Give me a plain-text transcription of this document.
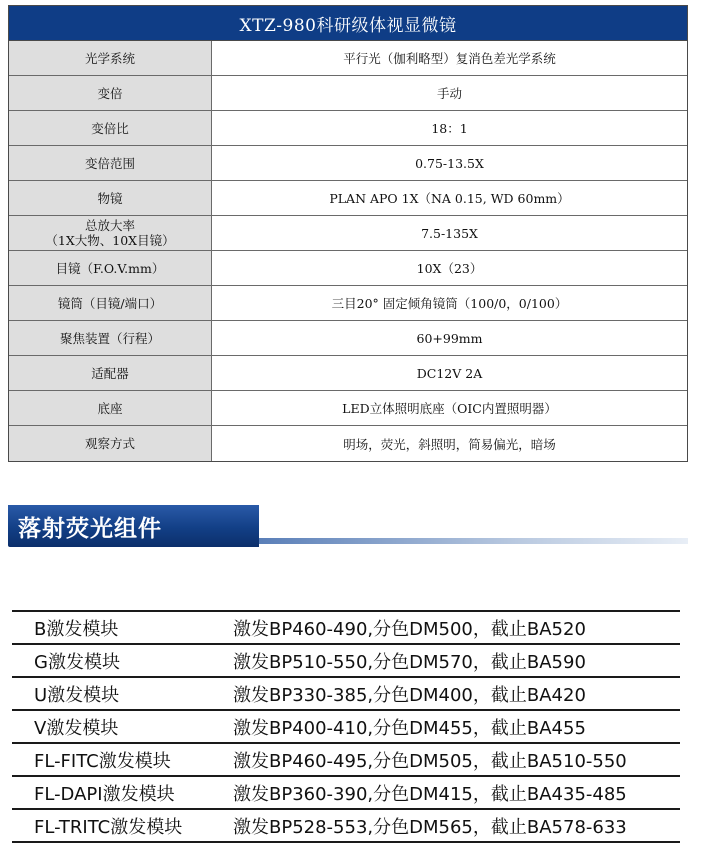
XTZ-980科研级体视显微镜
光学系统	平行光（伽利略型）复消色差光学系统
变倍	手动
变倍比	18：1
变倍范围	0.75-13.5X
物镜	PLAN APO 1X（NA 0.15, WD 60mm）
总放大率
（1X大物、10X目镜）	7.5-135X
目镜（F.O.V.mm）	10X（23）
镜筒（目镜/端口）	三目20° 固定倾角镜筒（100/0，0/100）
聚焦装置（行程）	60+99mm
适配器	DC12V 2A
底座	LED立体照明底座（OIC内置照明器）
观察方式	明场，荧光，斜照明，简易偏光，暗场
落射荧光组件
B激发模块	激发BP460-490,分色DM500，截止BA520
G激发模块	激发BP510-550,分色DM570，截止BA590
U激发模块	激发BP330-385,分色DM400，截止BA420
V激发模块	激发BP400-410,分色DM455，截止BA455
FL-FITC激发模块	激发BP460-495,分色DM505，截止BA510-550
FL-DAPI激发模块	激发BP360-390,分色DM415，截止BA435-485
FL-TRITC激发模块	激发BP528-553,分色DM565，截止BA578-633
